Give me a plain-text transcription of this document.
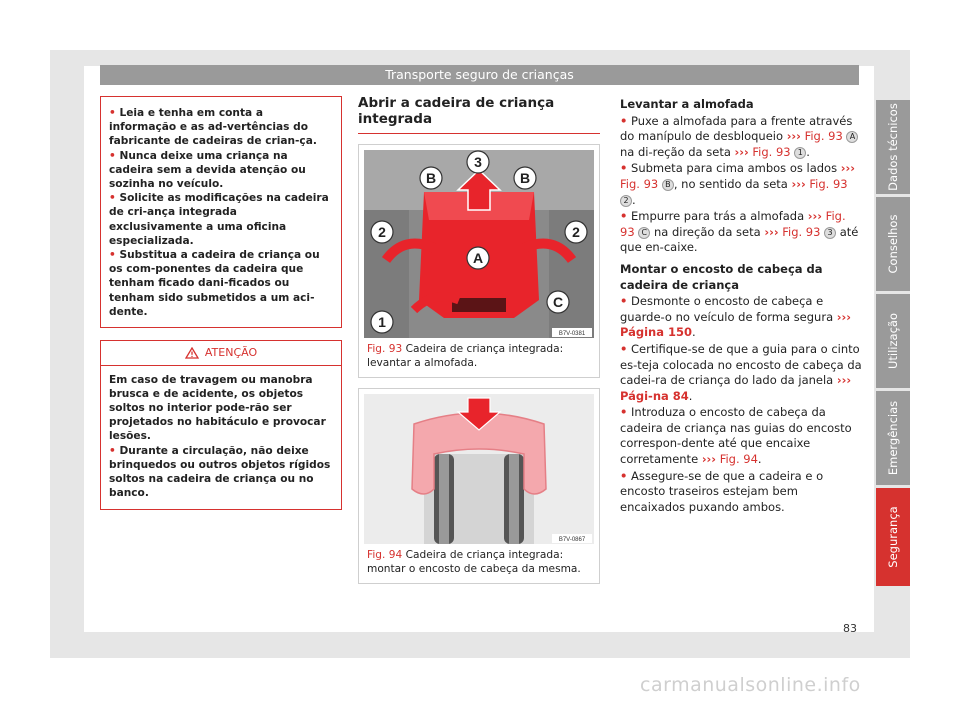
Transporte seguro de crianças

• Leia e tenha em conta a informação e as ad-vertências do fabricante de cadeiras de crian-ça.

• Nunca deixe uma criança na cadeira sem a devida atenção ou sozinha no veículo.

• Solicite as modificações na cadeira de cri-ança integrada exclusivamente a uma oficina especializada.

• Substitua a cadeira de criança ou os com-ponentes da cadeira que tenham ficado dani-ficados ou tenham sido submetidos a um aci-dente.

ATENÇÃO

Em caso de travagem ou manobra brusca e de acidente, os objetos soltos no interior pode-rão ser projetados no habitáculo e provocar lesões.

• Durante a circulação, não deixe brinquedos ou outros objetos rígidos soltos na cadeira de criança ou no banco.

Abrir a cadeira de criança integrada
B
3
B
2	2
A
1
C
B7V-0381
Fig. 93 Cadeira de criança integrada: levantar a almofada.
B7V-0867
Fig. 94 Cadeira de criança integrada: montar o encosto de cabeça da mesma.

Levantar a almofada

• Puxe a almofada para a frente através do manípulo de desbloqueio ››› Fig. 93 A na di-reção da seta ››› Fig. 93 1 .

• Submeta para cima ambos os lados ››› Fig. 93 B , no sentido da seta ››› Fig. 93 2 .

• Empurre para trás a almofada ››› Fig. 93 C na direção da seta ››› Fig. 93 3 até que en-caixe.

Montar o encosto de cabeça da cadeira de criança

• Desmonte o encosto de cabeça e guarde-o no veículo de forma segura ››› Página 150.

• Certifique-se de que a guia para o cinto es-teja colocada no encosto de cabeça da cadei-ra de criança do lado da janela ››› Pági-na 84.

• Introduza o encosto de cabeça da cadeira de criança nas guias do encosto correspon-dente até que encaixe corretamente ››› Fig. 94.

• Assegure-se de que a cadeira e o encosto traseiros estejam bem encaixados puxando ambos.

Dados técnicos
Conselhos
Utilização
Emergências
Segurança
83
carmanualsonline.info
